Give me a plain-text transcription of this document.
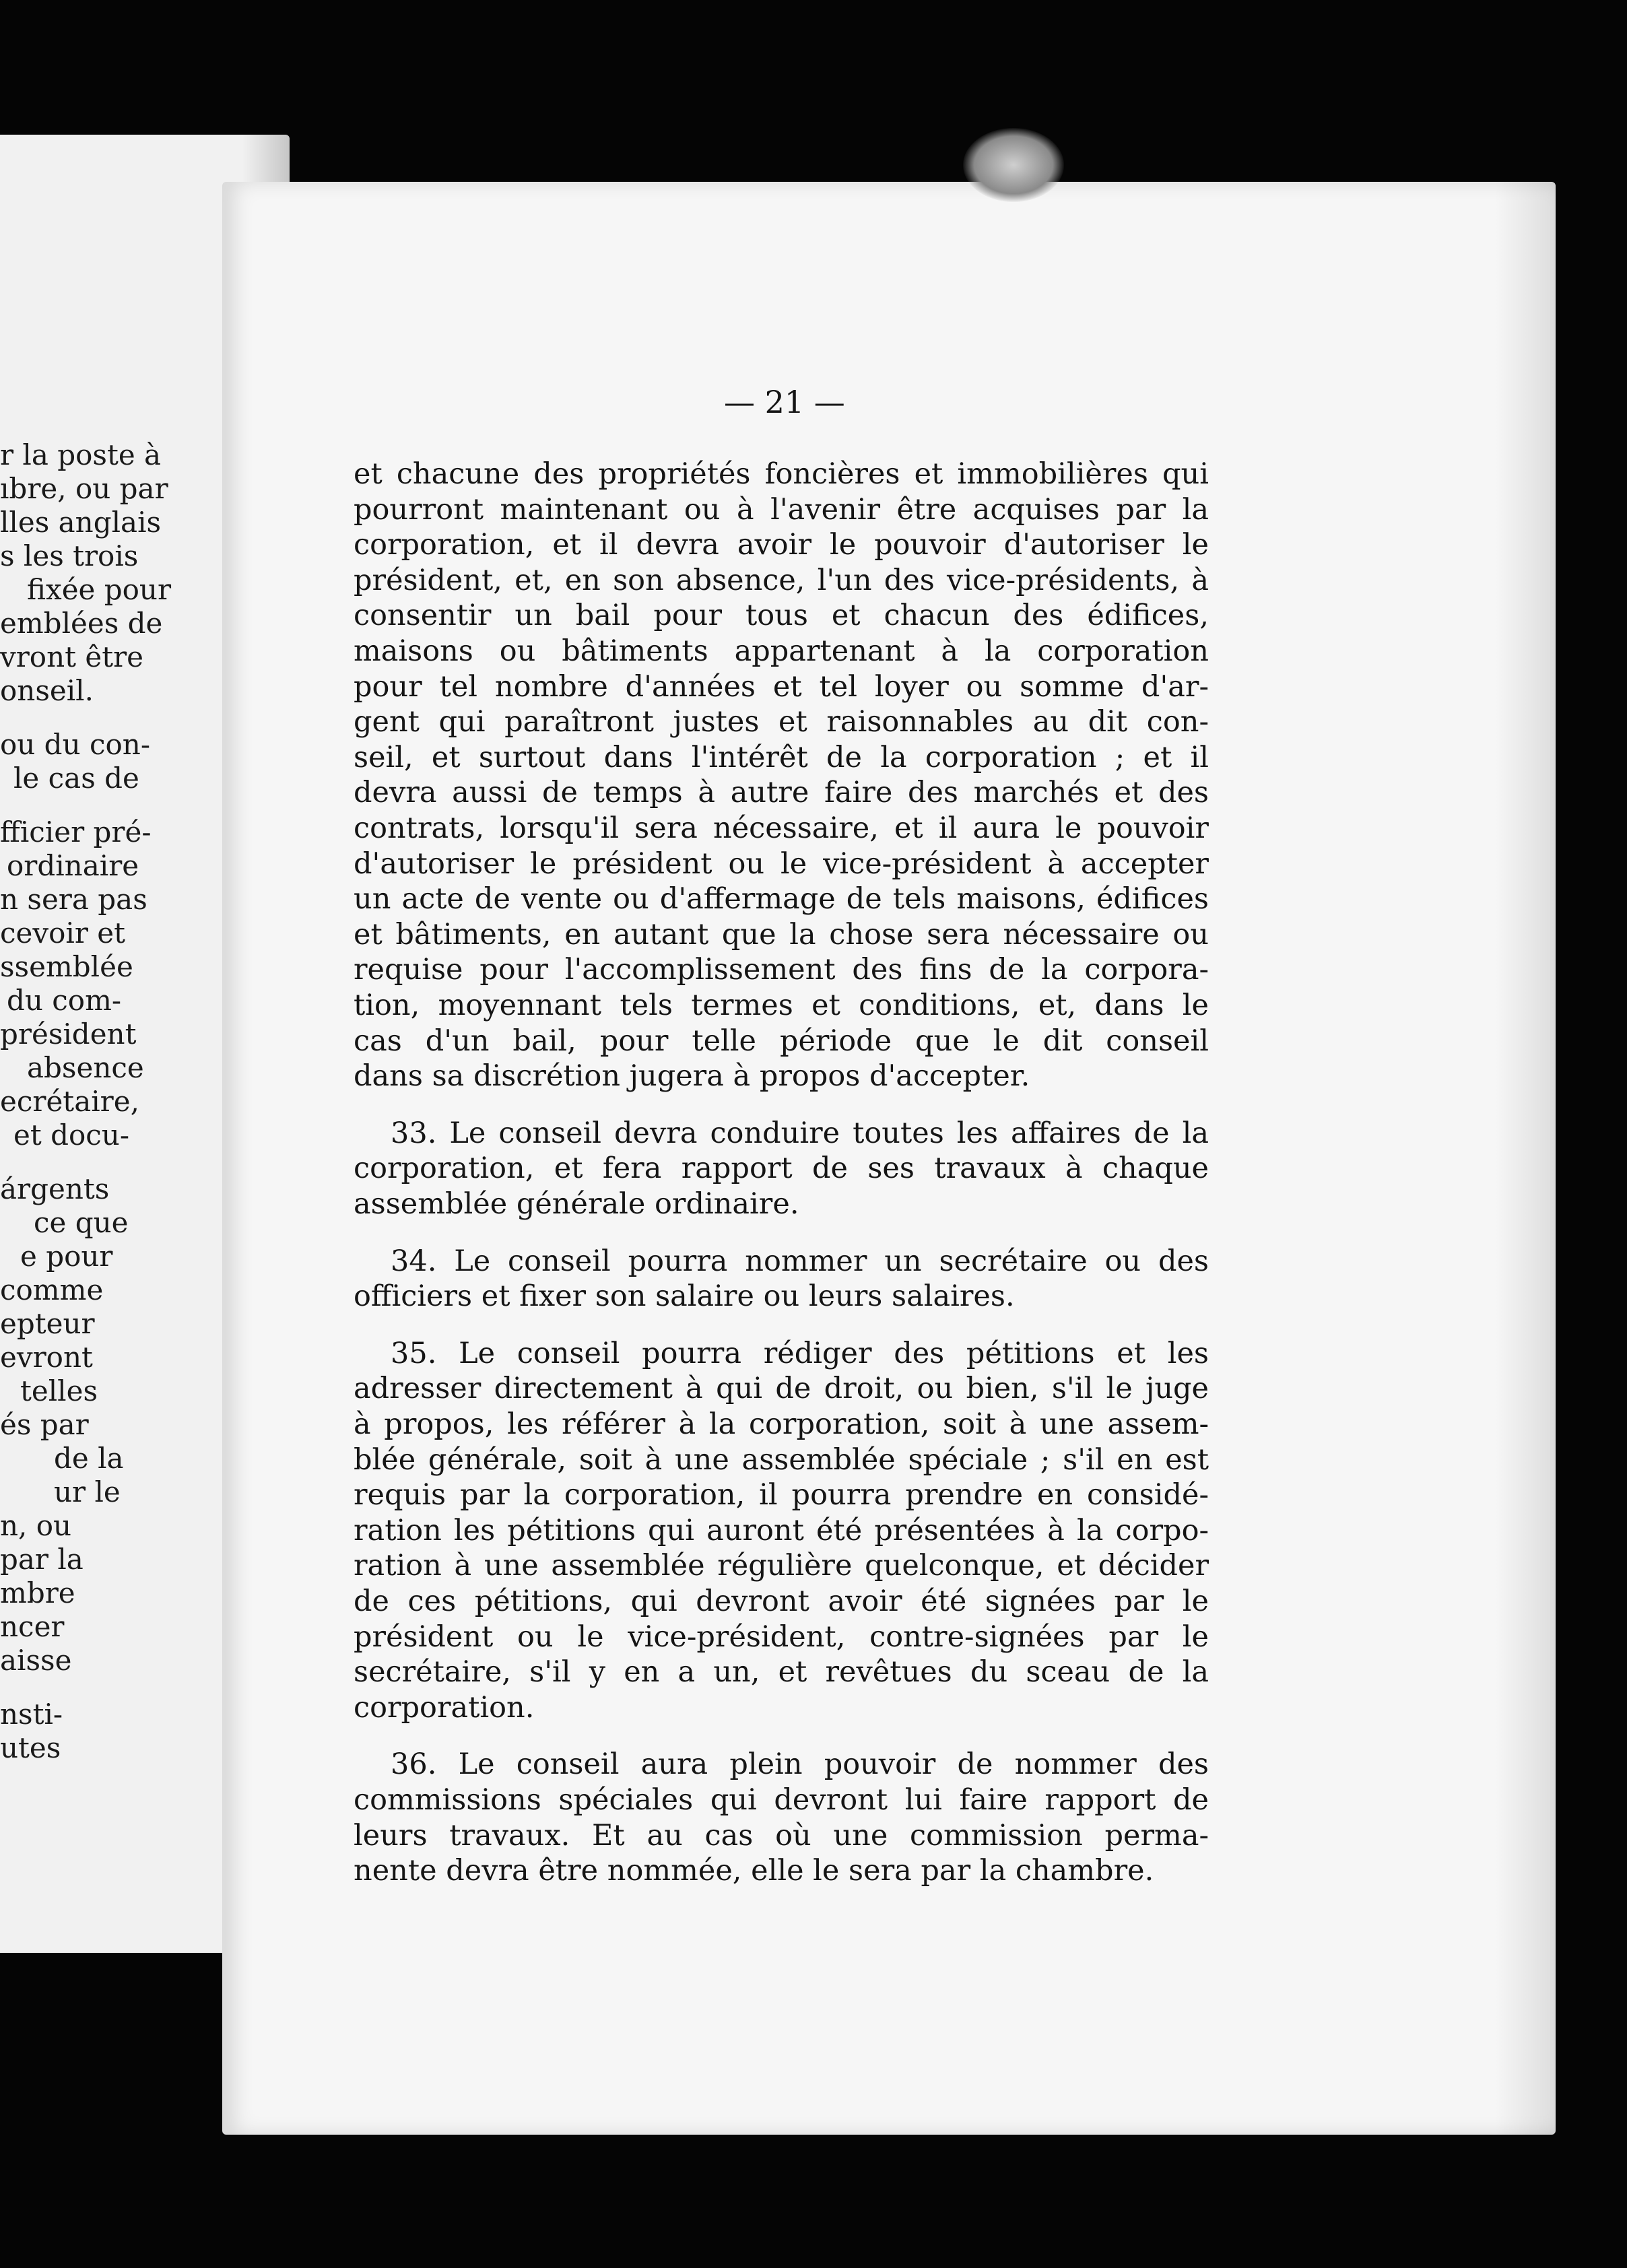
r la poste à
ıbre, ou par
lles anglais
s les trois
fixée pour
emblées de
vront être
onseil.
ou du con-
le cas de
fficier pré-
ordinaire
n sera pas
cevoir et
ssemblée
du com-
président
absence
ecrétaire,
et docu-
árgents
ce que
e pour
comme
epteur
evront
telles
és par
de la
ur le
n, ou
par la
mbre
ncer
aisse
nsti-
utes
— 21 —
et chacune des propriétés foncières et immobilières qui
pourront maintenant ou à l'avenir être acquises par la
corporation, et il devra avoir le pouvoir d'autoriser le
président, et, en son absence, l'un des vice-présidents, à
consentir un bail pour tous et chacun des édifices,
maisons ou bâtiments appartenant à la corporation
pour tel nombre d'années et tel loyer ou somme d'ar-
gent qui paraîtront justes et raisonnables au dit con-
seil, et surtout dans l'intérêt de la corporation ; et il
devra aussi de temps à autre faire des marchés et des
contrats, lorsqu'il sera nécessaire, et il aura le pouvoir
d'autoriser le président ou le vice-président à accepter
un acte de vente ou d'affermage de tels maisons, édifices
et bâtiments, en autant que la chose sera nécessaire ou
requise pour l'accomplissement des fins de la corpora-
tion, moyennant tels termes et conditions, et, dans le
cas d'un bail, pour telle période que le dit conseil
dans sa discrétion jugera à propos d'accepter.
33. Le conseil devra conduire toutes les affaires de la
corporation, et fera rapport de ses travaux à chaque
assemblée générale ordinaire.
34. Le conseil pourra nommer un secrétaire ou des
officiers et fixer son salaire ou leurs salaires.
35. Le conseil pourra rédiger des pétitions et les
adresser directement à qui de droit, ou bien, s'il le juge
à propos, les référer à la corporation, soit à une assem-
blée générale, soit à une assemblée spéciale ; s'il en est
requis par la corporation, il pourra prendre en considé-
ration les pétitions qui auront été présentées à la corpo-
ration à une assemblée régulière quelconque, et décider
de ces pétitions, qui devront avoir été signées par le
président ou le vice-président, contre-signées par le
secrétaire, s'il y en a un, et revêtues du sceau de la
corporation.
36. Le conseil aura plein pouvoir de nommer des
commissions spéciales qui devront lui faire rapport de
leurs travaux. Et au cas où une commission perma-
nente devra être nommée, elle le sera par la chambre.
